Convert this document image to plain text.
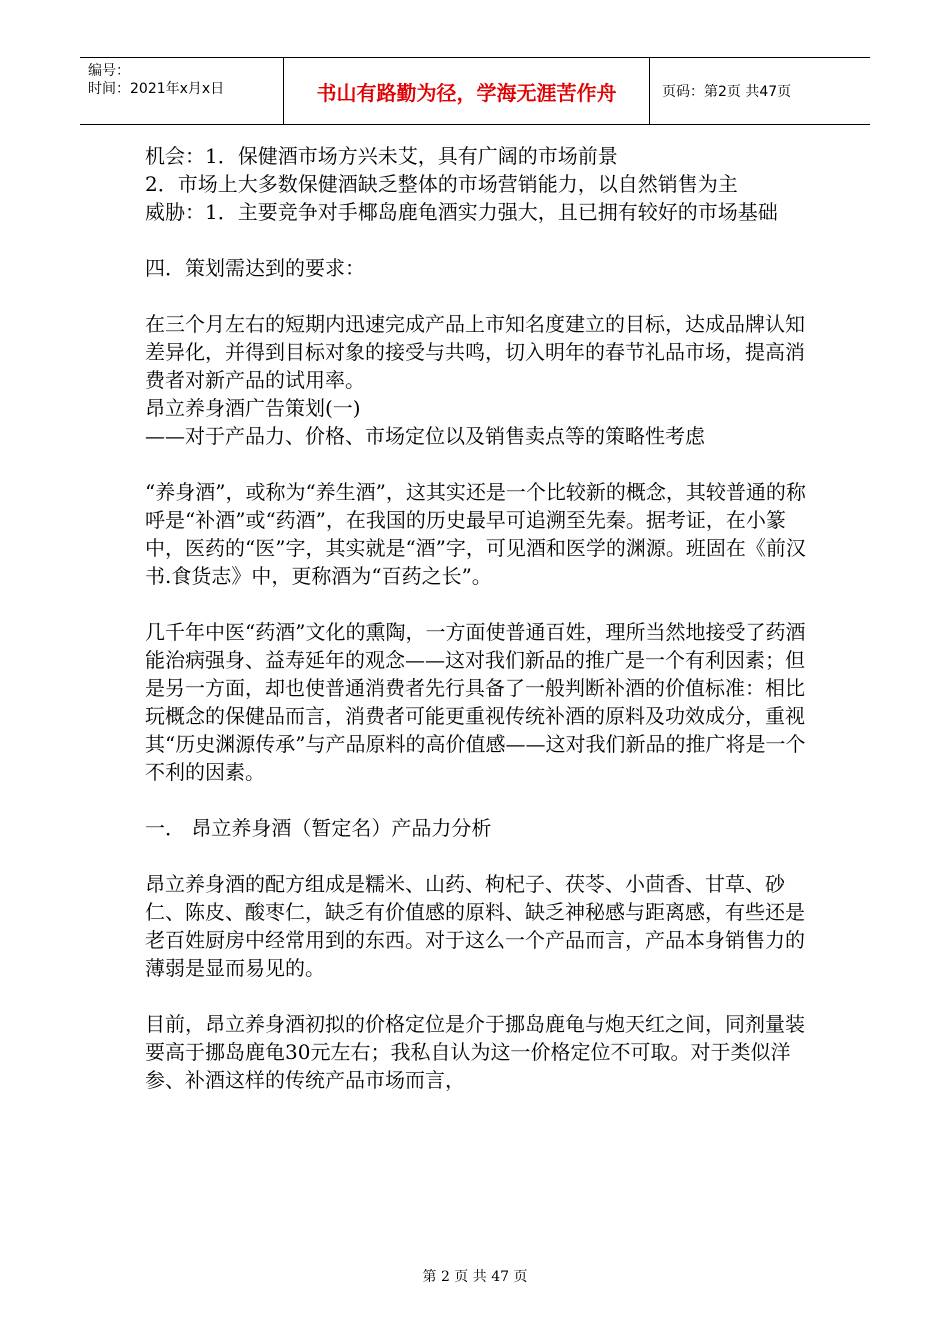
编号：
时间：2021年x月x日	书山有路勤为径，学海无涯苦作舟	页码：第2页 共47页

机会：1．保健酒市场方兴未艾，具有广阔的市场前景

2．市场上大多数保健酒缺乏整体的市场营销能力，以自然销售为主

威胁：1．主要竞争对手椰岛鹿龟酒实力强大，且已拥有较好的市场基础

四．策划需达到的要求：

在三个月左右的短期内迅速完成产品上市知名度建立的目标，达成品牌认知差异化，并得到目标对象的接受与共鸣，切入明年的春节礼品市场，提高消费者对新产品的试用率。

昂立养身酒广告策划(一)

——对于产品力、价格、市场定位以及销售卖点等的策略性考虑

“养身酒”，或称为“养生酒”，这其实还是一个比较新的概念，其较普通的称呼是“补酒”或“药酒”，在我国的历史最早可追溯至先秦。据考证，在小篆中，医药的“医”字，其实就是“酒”字，可见酒和医学的渊源。班固在《前汉书.食货志》中，更称酒为“百药之长”。

几千年中医“药酒”文化的熏陶，一方面使普通百姓，理所当然地接受了药酒能治病强身、益寿延年的观念——这对我们新品的推广是一个有利因素；但是另一方面，却也使普通消费者先行具备了一般判断补酒的价值标准：相比玩概念的保健品而言，消费者可能更重视传统补酒的原料及功效成分，重视其“历史渊源传承”与产品原料的高价值感——这对我们新品的推广将是一个不利的因素。

一． 昂立养身酒（暂定名）产品力分析

昂立养身酒的配方组成是糯米、山药、枸杞子、茯苓、小茴香、甘草、砂仁、陈皮、酸枣仁，缺乏有价值感的原料、缺乏神秘感与距离感，有些还是老百姓厨房中经常用到的东西。对于这么一个产品而言，产品本身销售力的薄弱是显而易见的。

目前，昂立养身酒初拟的价格定位是介于挪岛鹿龟与炮天红之间，同剂量装要高于挪岛鹿龟30元左右；我私自认为这一价格定位不可取。对于类似洋参、补酒这样的传统产品市场而言，

第 2 页 共 47 页
